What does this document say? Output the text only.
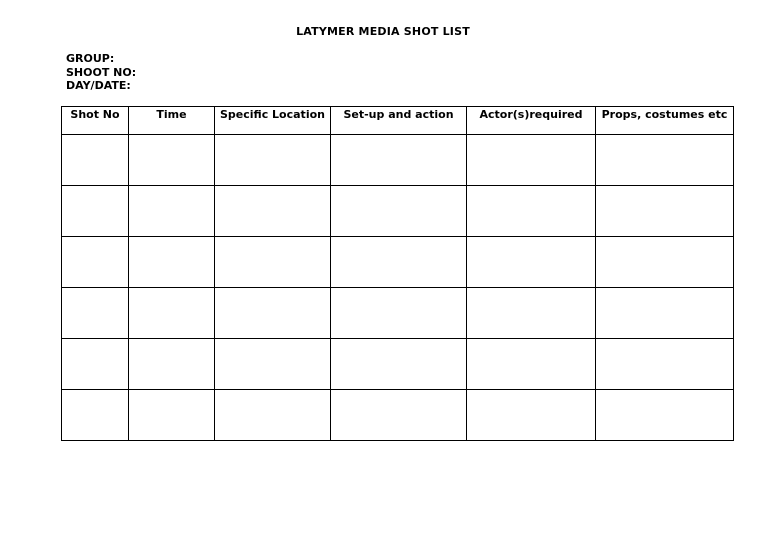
LATYMER MEDIA SHOT LIST
GROUP:
SHOOT NO:
DAY/DATE:
Shot No	Time	Specific Location	Set-up and action	Actor(s)required	Props, costumes etc
